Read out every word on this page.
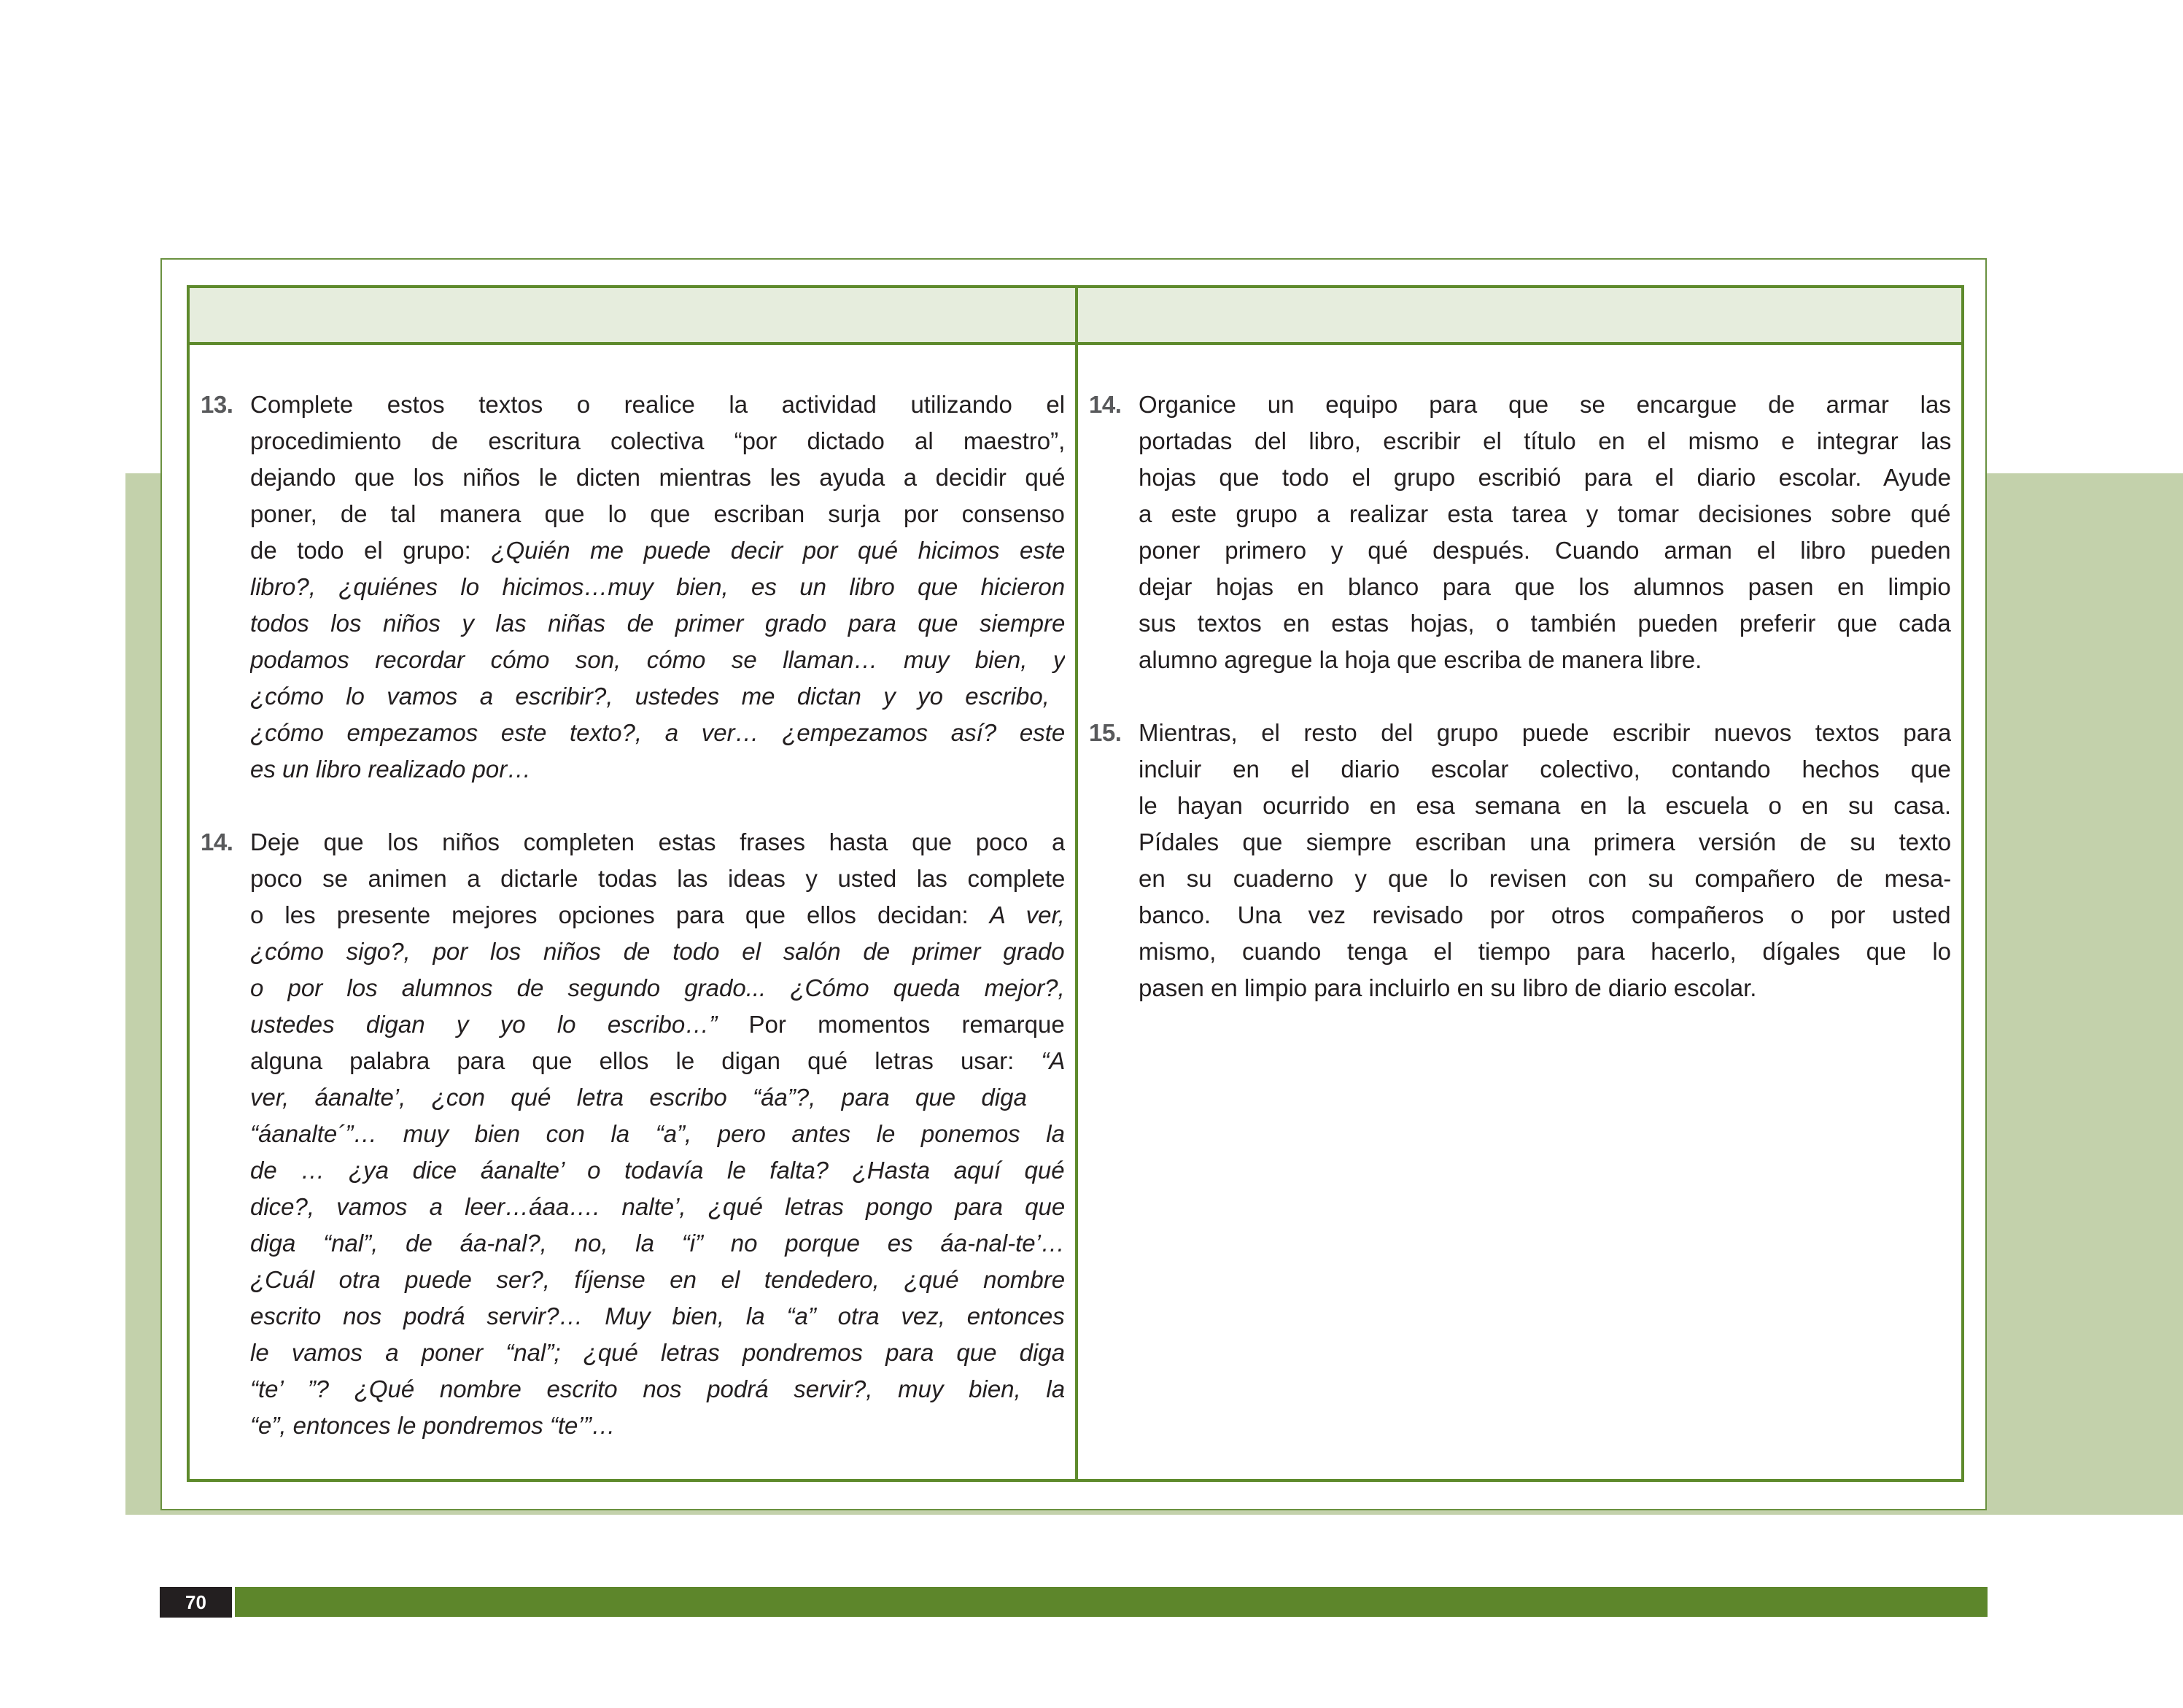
13. Complete estos textos o realice la actividad utilizando el
procedimiento de escritura colectiva “por dictado al maestro”,
dejando que los niños le dicten mientras les ayuda a decidir qué
poner, de tal manera que lo que escriban surja por consenso
de todo el grupo: ¿Quién me puede decir por qué hicimos este
libro?, ¿quiénes lo hicimos…muy bien, es un libro que hicieron
todos los niños y las niñas de primer grado para que siempre
podamos recordar cómo son, cómo se llaman… muy bien, y
¿cómo lo vamos a escribir?, ustedes me dictan y yo escribo,
¿cómo empezamos este texto?, a ver… ¿empezamos así? este
es un libro realizado por…
14. Deje que los niños completen estas frases hasta que poco a
poco se animen a dictarle todas las ideas y usted las complete
o les presente mejores opciones para que ellos decidan: A ver,
¿cómo sigo?, por los niños de todo el salón de primer grado
o por los alumnos de segundo grado... ¿Cómo queda mejor?,
ustedes digan y yo lo escribo…” Por momentos remarque
alguna palabra para que ellos le digan qué letras usar: “A
ver, áanalte’, ¿con qué letra escribo “áa”?, para que diga
“áanalte´”… muy bien con la “a”, pero antes le ponemos la
de … ¿ya dice áanalte’ o todavía le falta? ¿Hasta aquí qué
dice?, vamos a leer…áaa…. nalte’, ¿qué letras pongo para que
diga “nal”, de áa-nal?, no, la “i” no porque es áa-nal-te’…
¿Cuál otra puede ser?, fíjense en el tendedero, ¿qué nombre
escrito nos podrá servir?… Muy bien, la “a” otra vez, entonces
le vamos a poner “nal”; ¿qué letras pondremos para que diga
“te’ ”? ¿Qué nombre escrito nos podrá servir?, muy bien, la
“e”, entonces le pondremos “te’”…
14. Organice un equipo para que se encargue de armar las
portadas del libro, escribir el título en el mismo e integrar las
hojas que todo el grupo escribió para el diario escolar. Ayude
a este grupo a realizar esta tarea y tomar decisiones sobre qué
poner primero y qué después. Cuando arman el libro pueden
dejar hojas en blanco para que los alumnos pasen en limpio
sus textos en estas hojas, o también pueden preferir que cada
alumno agregue la hoja que escriba de manera libre.
15. Mientras, el resto del grupo puede escribir nuevos textos para
incluir en el diario escolar colectivo, contando hechos que
le hayan ocurrido en esa semana en la escuela o en su casa.
Pídales que siempre escriban una primera versión de su texto
en su cuaderno y que lo revisen con su compañero de mesa-
banco. Una vez revisado por otros compañeros o por usted
mismo, cuando tenga el tiempo para hacerlo, dígales que lo
pasen en limpio para incluirlo en su libro de diario escolar.
70
